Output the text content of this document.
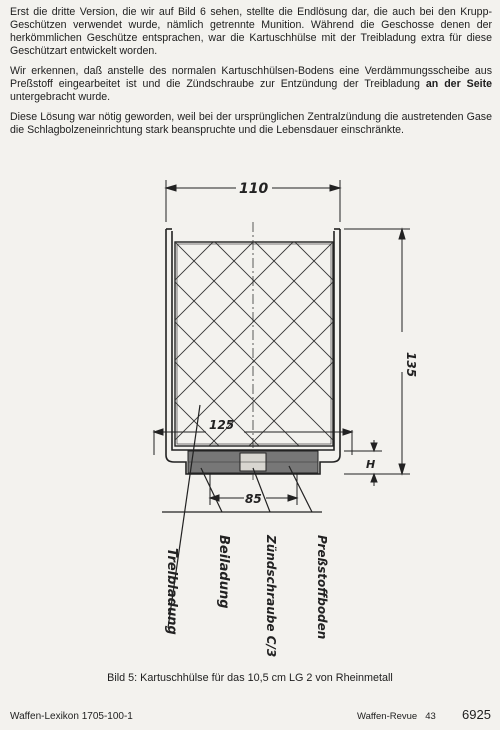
Erst die dritte Version, die wir auf Bild 6 sehen, stellte die Endlösung dar, die auch bei den Krupp-Geschützen verwendet wurde, nämlich getrennte Munition. Während die Geschosse denen der herkömmlichen Geschütze entsprachen, war die Kartuschhülse mit der Treibladung extra für diese Geschützart entwickelt worden.

Wir erkennen, daß anstelle des normalen Kartuschhülsen-Bodens eine Verdämmungsscheibe aus Preßstoff eingearbeitet ist und die Zündschraube zur Entzündung der Treibladung an der Seite untergebracht wurde.

Diese Lösung war nötig geworden, weil bei der ursprünglichen Zentralzündung die austretenden Gase die Schlagbolzeneinrichtung stark beanspruchte und die Lebensdauer einschränkte.

110
135
125
85
H
Treibladung	Beiladung	Zündschraube C/3	Preßstoffboden
Bild 5: Kartuschhülse für das 10,5 cm LG 2 von Rheinmetall
Waffen-Lexikon 1705-100-1	Waffen-Revue 43 6925
